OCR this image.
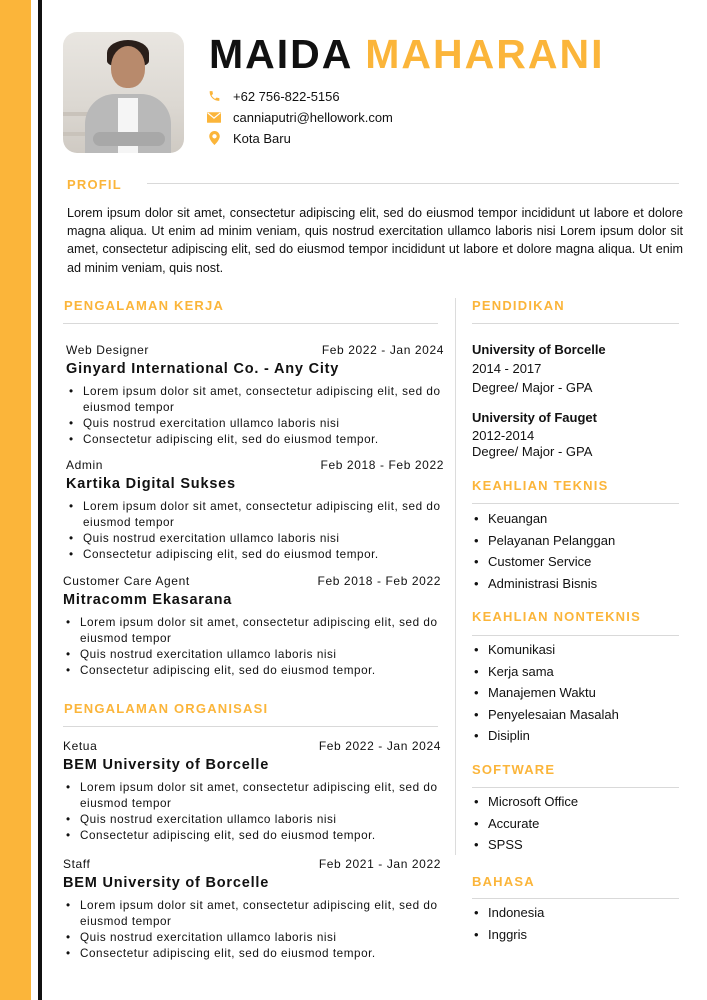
MAIDA MAHARANI
+62 756-822-5156
canniaputri@hellowork.com
Kota Baru
PROFIL
Lorem ipsum dolor sit amet, consectetur adipiscing elit, sed do eiusmod tempor incididunt ut labore et dolore magna aliqua. Ut enim ad minim veniam, quis nostrud exercitation ullamco laboris nisi Lorem ipsum dolor sit amet, consectetur adipiscing elit, sed do eiusmod tempor incididunt ut labore et dolore magna aliqua. Ut enim ad minim veniam, quis nost.
PENGALAMAN KERJA
Web Designer	Feb 2022 - Jan 2024
Ginyard International Co. - Any City
• Lorem ipsum dolor sit amet, consectetur adipiscing elit, sed do eiusmod tempor
• Quis nostrud exercitation ullamco laboris nisi
• Consectetur adipiscing elit, sed do eiusmod tempor.
Admin	Feb 2018 - Feb 2022
Kartika Digital Sukses
• Lorem ipsum dolor sit amet, consectetur adipiscing elit, sed do eiusmod tempor
• Quis nostrud exercitation ullamco laboris nisi
• Consectetur adipiscing elit, sed do eiusmod tempor.
Customer Care Agent	Feb 2018 - Feb 2022
Mitracomm Ekasarana
• Lorem ipsum dolor sit amet, consectetur adipiscing elit, sed do eiusmod tempor
• Quis nostrud exercitation ullamco laboris nisi
• Consectetur adipiscing elit, sed do eiusmod tempor.
PENGALAMAN ORGANISASI
Ketua	Feb 2022 - Jan 2024
BEM University of Borcelle
• Lorem ipsum dolor sit amet, consectetur adipiscing elit, sed do eiusmod tempor
• Quis nostrud exercitation ullamco laboris nisi
• Consectetur adipiscing elit, sed do eiusmod tempor.
Staff	Feb 2021 - Jan 2022
BEM University of Borcelle
• Lorem ipsum dolor sit amet, consectetur adipiscing elit, sed do eiusmod tempor
• Quis nostrud exercitation ullamco laboris nisi
• Consectetur adipiscing elit, sed do eiusmod tempor.
PENDIDIKAN
University of Borcelle
2014 - 2017
Degree/ Major - GPA
University of Fauget
2012-2014
Degree/ Major - GPA
KEAHLIAN TEKNIS
• Keuangan
• Pelayanan Pelanggan
• Customer Service
• Administrasi Bisnis
KEAHLIAN NONTEKNIS
• Komunikasi
• Kerja sama
• Manajemen Waktu
• Penyelesaian Masalah
• Disiplin
SOFTWARE
• Microsoft Office
• Accurate
• SPSS
BAHASA
• Indonesia
• Inggris
